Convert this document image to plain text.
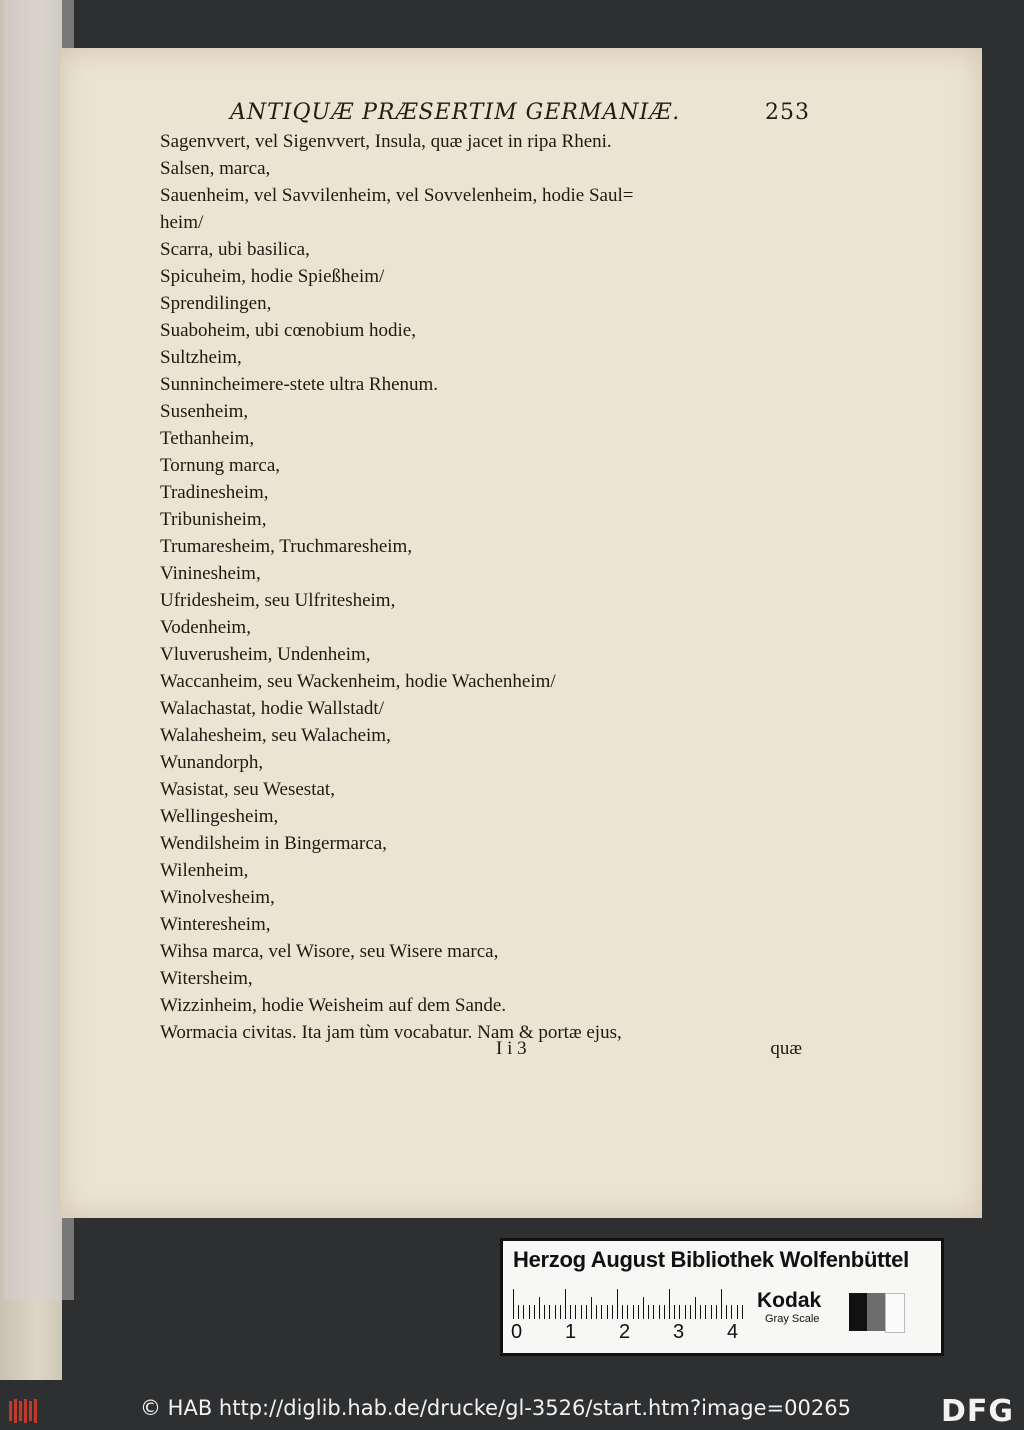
ANTIQUÆ PRÆSERTIM GERMANIÆ.	253
Sagenvvert, vel Sigenvvert, Insula, quæ jacet in ripa Rheni.
Salsen, marca,
Sauenheim, vel Savvilenheim, vel Sovvelenheim, hodie Saul=
heim/
Scarra, ubi basilica,
Spicuheim, hodie Spießheim/
Sprendilingen,
Suaboheim, ubi cœnobium hodie,
Sultzheim,
Sunnincheimere-stete ultra Rhenum.
Susenheim,
Tethanheim,
Tornung marca,
Tradinesheim,
Tribunisheim,
Trumaresheim, Truchmaresheim,
Vininesheim,
Ufridesheim, seu Ulfritesheim,
Vodenheim,
Vluverusheim, Undenheim,
Waccanheim, seu Wackenheim, hodie Wachenheim/
Walachastat, hodie Wallstadt/
Walahesheim, seu Walacheim,
Wunandorph,
Wasistat, seu Wesestat,
Wellingesheim,
Wendilsheim in Bingermarca,
Wilenheim,
Winolvesheim,
Winteresheim,
Wihsa marca, vel Wisore, seu Wisere marca,
Witersheim,
Wizzinheim, hodie Weisheim auf dem Sande.
Wormacia civitas. Ita jam tùm vocabatur. Nam & portæ ejus,
I i 3	quæ
Herzog August Bibliothek Wolfenbüttel
0 1 2 3 4
Kodak
Gray Scale
© HAB http://diglib.hab.de/drucke/gl-3526/start.htm?image=00265	DFG
